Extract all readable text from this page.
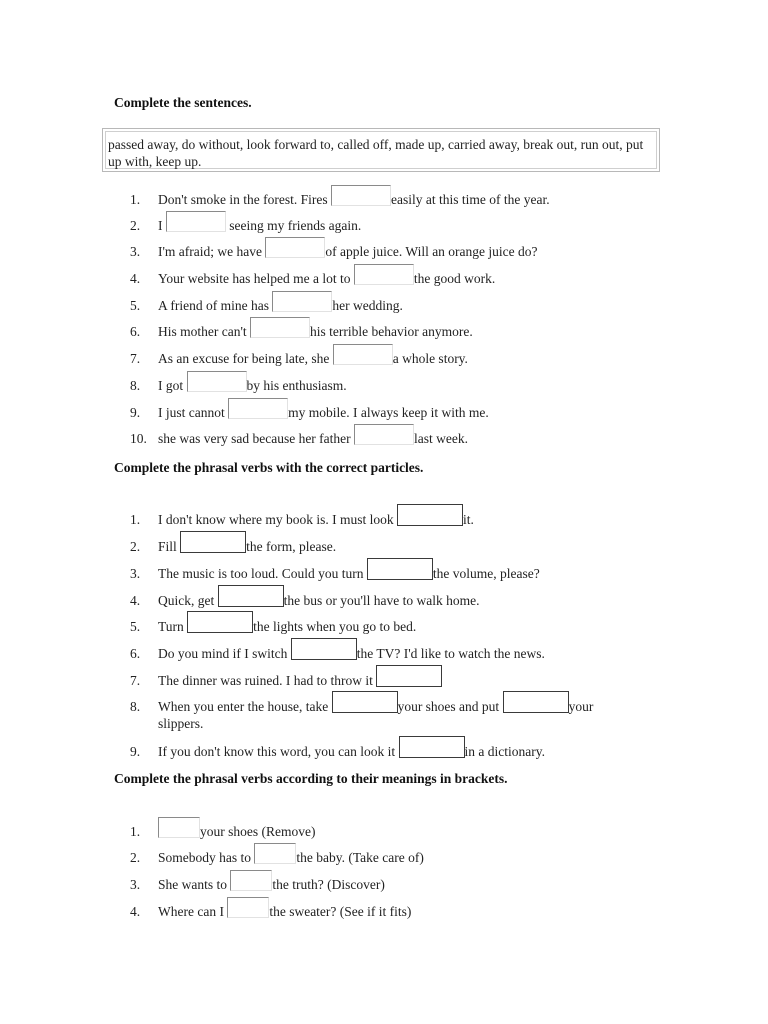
Complete the sentences.
passed away, do without, look forward to, called off, made up, carried away, break out, run out, put up with, keep up.
1. Don't smoke in the forest. Fires	easily at this time of the year.
2. I	seeing my friends again.
3. I'm afraid; we have	of apple juice. Will an orange juice do?
4. Your website has helped me a lot to	the good work.
5. A friend of mine has	her wedding.
6. His mother can't	his terrible behavior anymore.
7. As an excuse for being late, she	a whole story.
8. I got	by his enthusiasm.
9. I just cannot	my mobile. I always keep it with me.
10. she was very sad because her father	last week.
Complete the phrasal verbs with the correct particles.
1. I don't know where my book is. I must look	it.
2. Fill	the form, please.
3. The music is too loud. Could you turn	the volume, please?
4. Quick, get	the bus or you'll have to walk home.
5. Turn	the lights when you go to bed.
6. Do you mind if I switch	the TV? I'd like to watch the news.
7. The dinner was ruined. I had to throw it
8. When you enter the house, take	your shoes and put	your
slippers.
9. If you don't know this word, you can look it	in a dictionary.
Complete the phrasal verbs according to their meanings in brackets.
1.	your shoes (Remove)
2. Somebody has to	the baby. (Take care of)
3. She wants to	the truth? (Discover)
4. Where can I	the sweater? (See if it fits)
